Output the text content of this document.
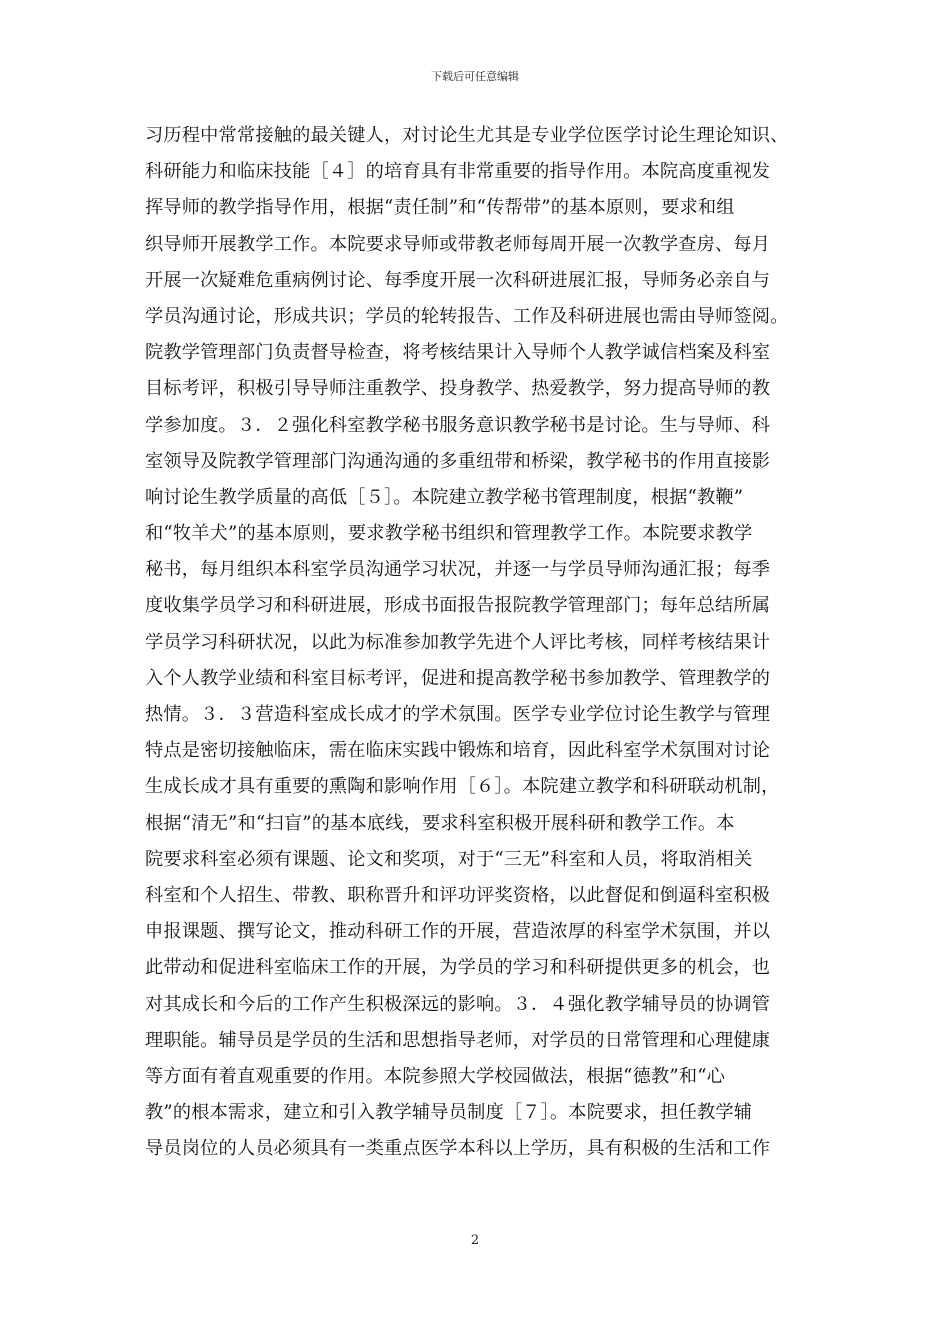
下载后可任意编辑
习历程中常常接触的最关键人，对讨论生尤其是专业学位医学讨论生理论知识、
科研能力和临床技能［４］的培育具有非常重要的指导作用。本院高度重视发
挥导师的教学指导作用，根据“责任制”和“传帮带”的基本原则，要求和组
织导师开展教学工作。本院要求导师或带教老师每周开展一次教学查房、每月
开展一次疑难危重病例讨论、每季度开展一次科研进展汇报，导师务必亲自与
学员沟通讨论，形成共识；学员的轮转报告、工作及科研进展也需由导师签阅。
院教学管理部门负责督导检查，将考核结果计入导师个人教学诚信档案及科室
目标考评，积极引导导师注重教学、投身教学、热爱教学，努力提高导师的教
学参加度。３．２强化科室教学秘书服务意识教学秘书是讨论。生与导师、科
室领导及院教学管理部门沟通沟通的多重纽带和桥梁，教学秘书的作用直接影
响讨论生教学质量的高低［５］。本院建立教学秘书管理制度，根据“教鞭”
和“牧羊犬”的基本原则，要求教学秘书组织和管理教学工作。本院要求教学
秘书，每月组织本科室学员沟通学习状况，并逐一与学员导师沟通汇报；每季
度收集学员学习和科研进展，形成书面报告报院教学管理部门；每年总结所属
学员学习科研状况，以此为标准参加教学先进个人评比考核，同样考核结果计
入个人教学业绩和科室目标考评，促进和提高教学秘书参加教学、管理教学的
热情。３．３营造科室成长成才的学术氛围。医学专业学位讨论生教学与管理
特点是密切接触临床，需在临床实践中锻炼和培育，因此科室学术氛围对讨论
生成长成才具有重要的熏陶和影响作用［６］。本院建立教学和科研联动机制，
根据“清无”和“扫盲”的基本底线，要求科室积极开展科研和教学工作。本
院要求科室必须有课题、论文和奖项，对于“三无”科室和人员，将取消相关
科室和个人招生、带教、职称晋升和评功评奖资格，以此督促和倒逼科室积极
申报课题、撰写论文，推动科研工作的开展，营造浓厚的科室学术氛围，并以
此带动和促进科室临床工作的开展，为学员的学习和科研提供更多的机会，也
对其成长和今后的工作产生积极深远的影响。３．４强化教学辅导员的协调管
理职能。辅导员是学员的生活和思想指导老师，对学员的日常管理和心理健康
等方面有着直观重要的作用。本院参照大学校园做法，根据“德教”和“心
教”的根本需求，建立和引入教学辅导员制度［７］。本院要求，担任教学辅
导员岗位的人员必须具有一类重点医学本科以上学历，具有积极的生活和工作
2
